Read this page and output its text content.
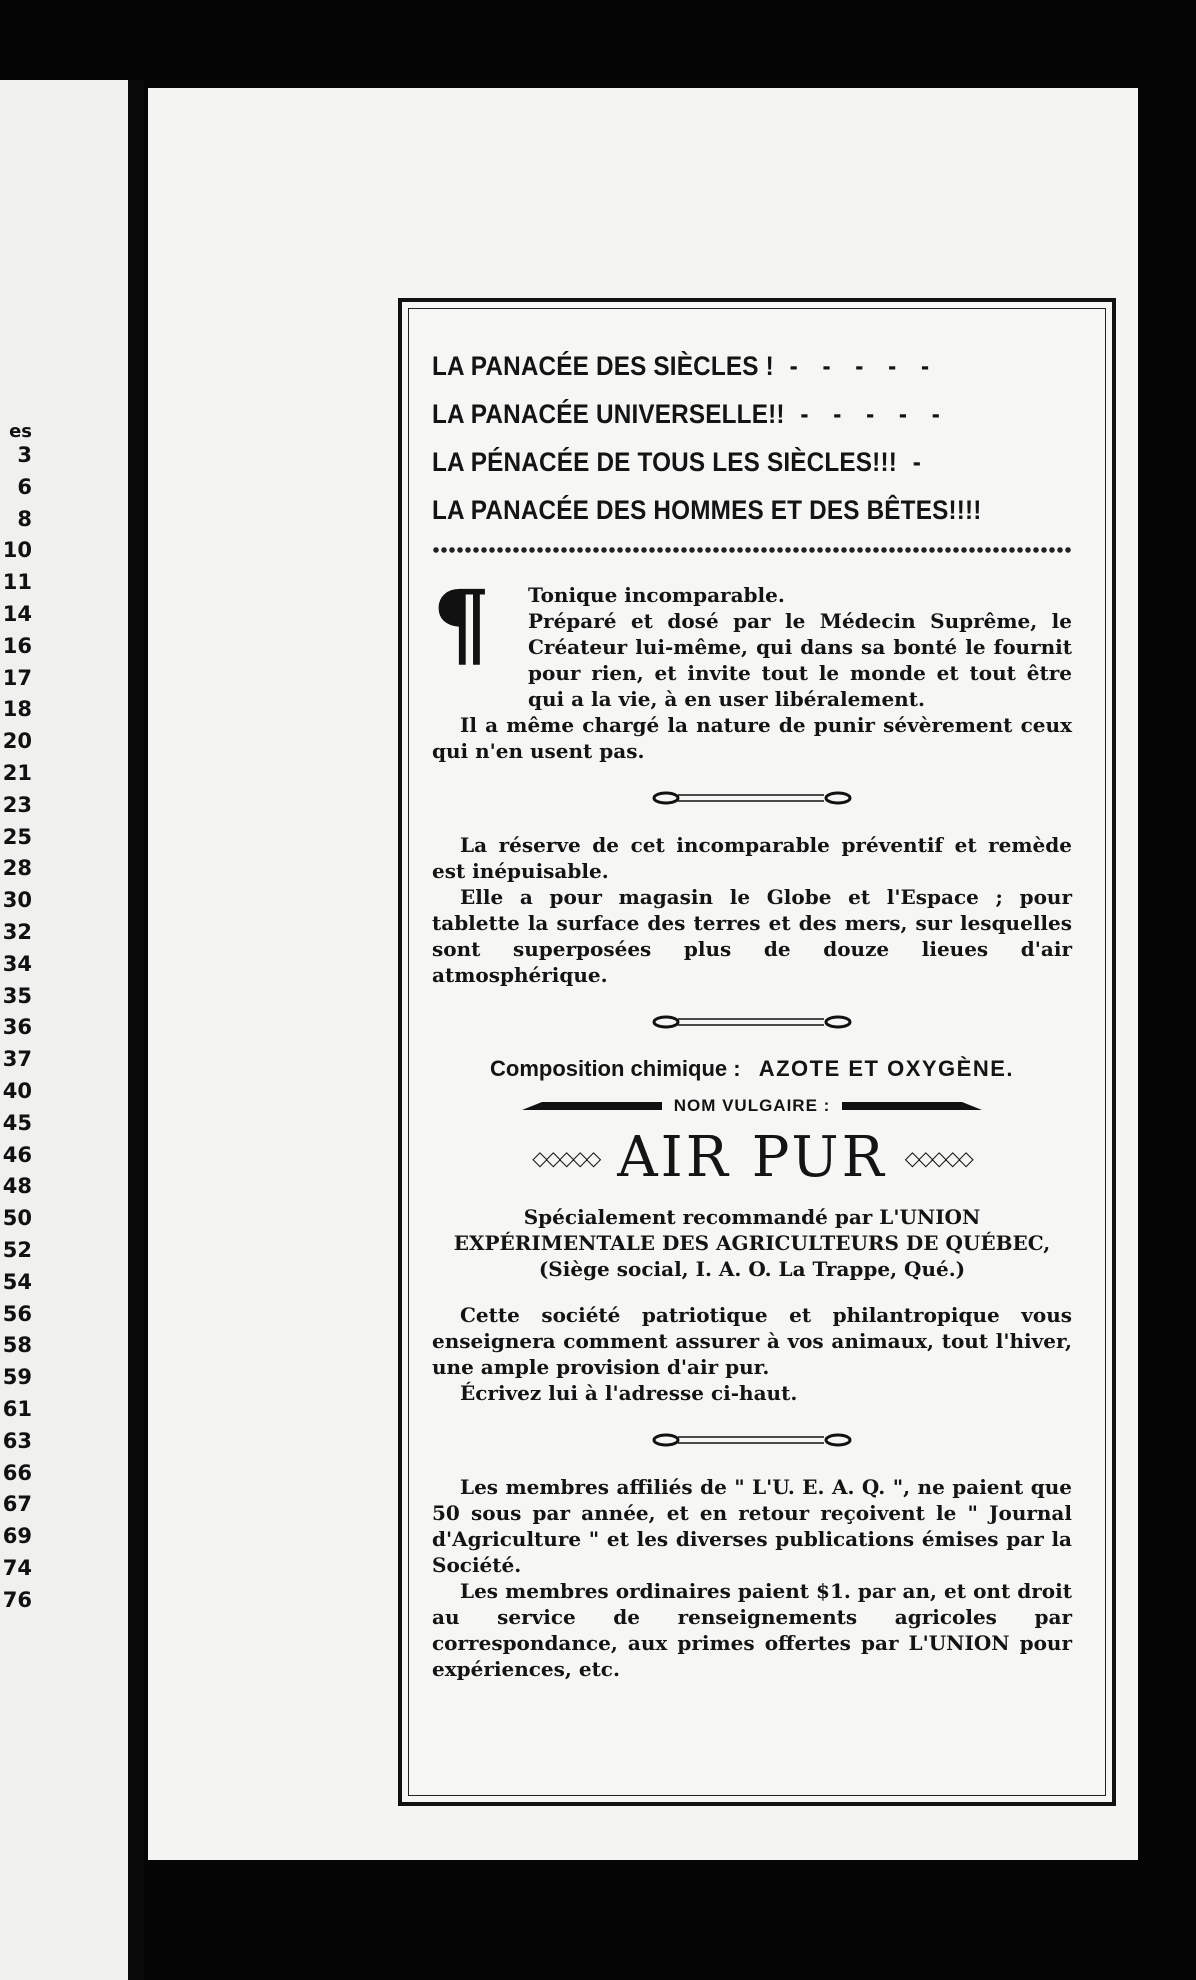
es
3
6
8
10
11
14
16
17
18
20
21
23
25
28
30
32
34
35
36
37
40
45
46
48
50
52
54
56
58
59
61
63
66
67
69
74
76
LA PANACÉE DES SIÈCLES ! - - - - -
LA PANACÉE UNIVERSELLE!! - - - - -
LA PÉNACÉE DE TOUS LES SIÈCLES!!! -
LA PANACÉE DES HOMMES ET DES BÊTES!!!!
¶	Tonique incomparable.
Préparé et dosé par le Médecin Suprême, le Créateur lui-même, qui dans sa bonté le fournit pour rien, et invite tout le monde et tout être qui a la vie, à en user libéralement.
Il a même chargé la nature de punir sévèrement ceux qui n'en usent pas.
La réserve de cet incomparable préventif et remède est inépuisable.
Elle a pour magasin le Globe et l'Espace ; pour tablette la surface des terres et des mers, sur lesquelles sont superposées plus de douze lieues d'air atmosphérique.
Composition chimique : AZOTE ET OXYGÈNE.
NOM VULGAIRE :
◇◇◇◇◇ AIR PUR ◇◇◇◇◇
Spécialement recommandé par L'UNION EXPÉRIMENTALE DES AGRICULTEURS DE QUÉBEC, (Siège social, I. A. O. La Trappe, Qué.)
Cette société patriotique et philantropique vous enseignera comment assurer à vos animaux, tout l'hiver, une ample provision d'air pur.
Écrivez lui à l'adresse ci-haut.
Les membres affiliés de " L'U. E. A. Q. ", ne paient que 50 sous par année, et en retour reçoivent le " Journal d'Agriculture " et les diverses publications émises par la Société.
Les membres ordinaires paient $1. par an, et ont droit au service de renseignements agricoles par correspondance, aux primes offertes par L'UNION pour expériences, etc.
